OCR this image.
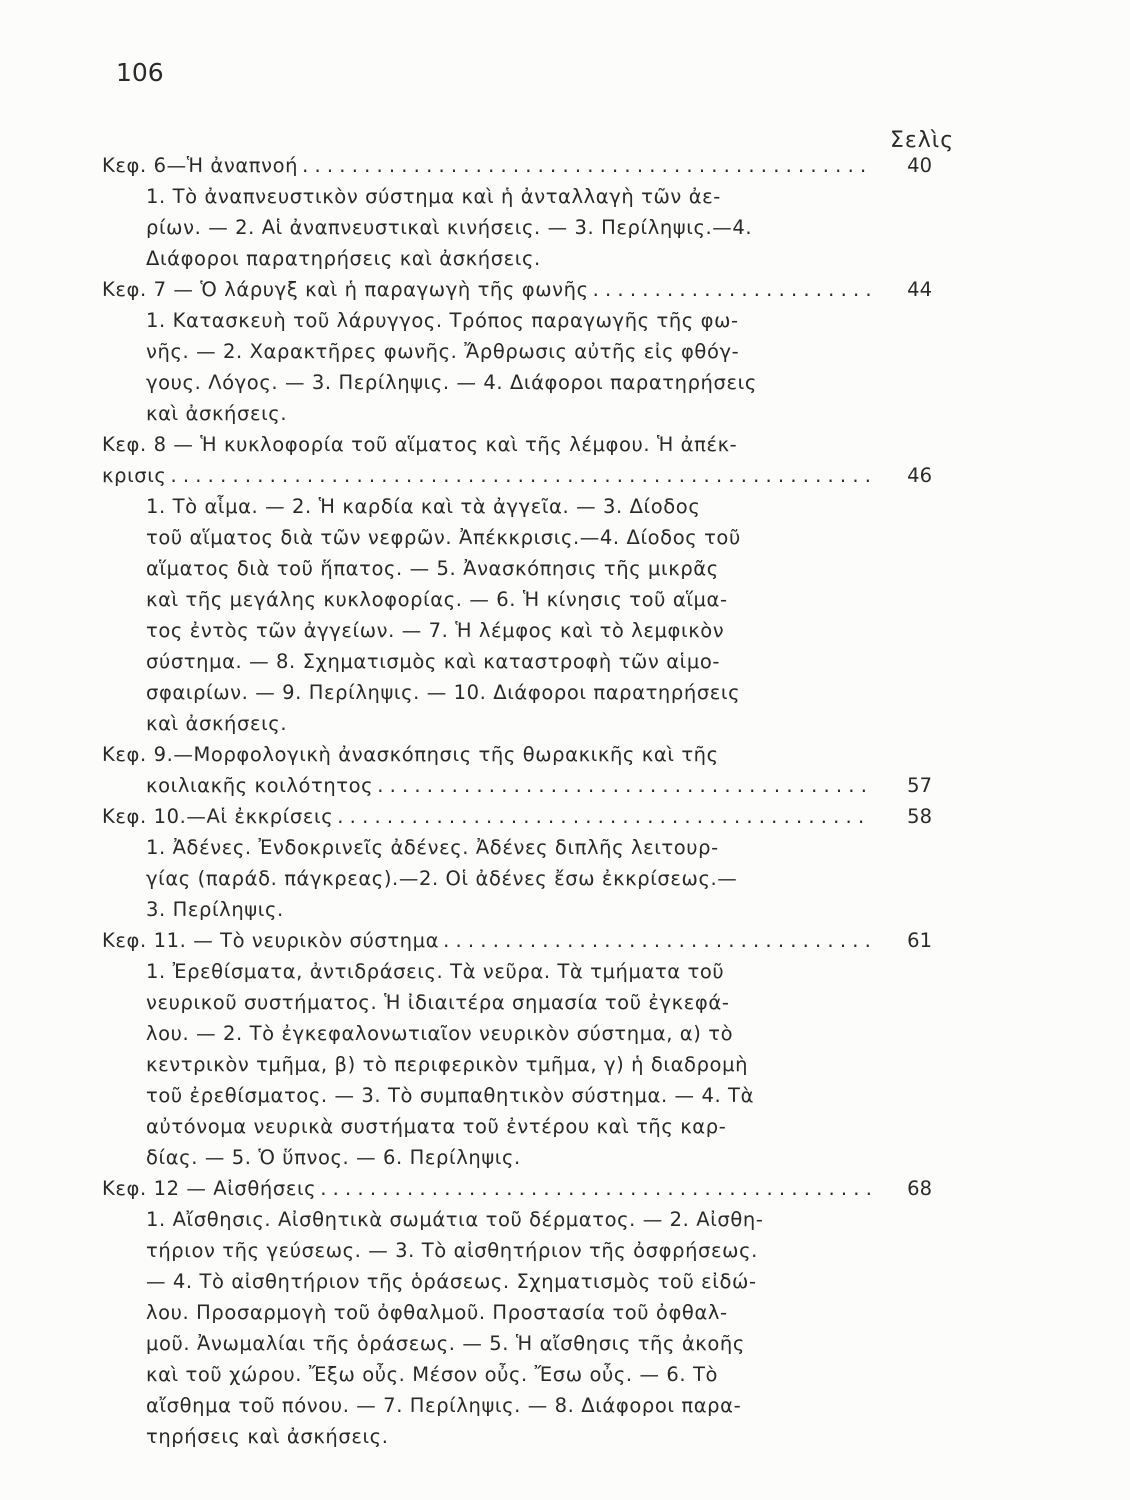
106
Σελὶς
Κεφ. 6—Ἡ ἀναπνοή . . .	40
1. Τὸ ἀναπνευστικὸν σύστημα καὶ ἡ ἀνταλλαγὴ τῶν ἀε-
ρίων. — 2. Αἱ ἀναπνευστικαὶ κινήσεις. — 3. Περίληψις.—4.
Διάφοροι παρατηρήσεις καὶ ἀσκήσεις.
Κεφ. 7 — Ὁ λάρυγξ καὶ ἡ παραγωγὴ τῆς φωνῆς . . .	44
1. Κατασκευὴ τοῦ λάρυγγος. Τρόπος παραγωγῆς τῆς φω-
νῆς. — 2. Χαρακτῆρες φωνῆς. Ἄρθρωσις αὐτῆς εἰς φθόγ-
γους. Λόγος. — 3. Περίληψις. — 4. Διάφοροι παρατηρήσεις
καὶ ἀσκήσεις.
Κεφ. 8 — Ἡ κυκλοφορία τοῦ αἵματος καὶ τῆς λέμφου. Ἡ ἀπέκ-
κρισις . . .	46
1. Τὸ αἷμα. — 2. Ἡ καρδία καὶ τὰ ἀγγεῖα. — 3. Δίοδος
τοῦ αἵματος διὰ τῶν νεφρῶν. Ἀπέκκρισις.—4. Δίοδος τοῦ
αἵματος διὰ τοῦ ἥπατος. — 5. Ἀνασκόπησις τῆς μικρᾶς
καὶ τῆς μεγάλης κυκλοφορίας. — 6. Ἡ κίνησις τοῦ αἵμα-
τος ἐντὸς τῶν ἀγγείων. — 7. Ἡ λέμφος καὶ τὸ λεμφικὸν
σύστημα. — 8. Σχηματισμὸς καὶ καταστροφὴ τῶν αἱμο-
σφαιρίων. — 9. Περίληψις. — 10. Διάφοροι παρατηρήσεις
καὶ ἀσκήσεις.
Κεφ. 9.—Μορφολογικὴ ἀνασκόπησις τῆς θωρακικῆς καὶ τῆς
κοιλιακῆς κοιλότητος . . .	57
Κεφ. 10.—Αἱ ἐκκρίσεις . . .	58
1. Ἀδένες. Ἐνδοκρινεῖς ἀδένες. Ἀδένες διπλῆς λειτουρ-
γίας (παράδ. πάγκρεας).—2. Οἱ ἀδένες ἔσω ἐκκρίσεως.—
3. Περίληψις.
Κεφ. 11. — Τὸ νευρικὸν σύστημα . . .	61
1. Ἐρεθίσματα, ἀντιδράσεις. Τὰ νεῦρα. Τὰ τμήματα τοῦ
νευρικοῦ συστήματος. Ἡ ἰδιαιτέρα σημασία τοῦ ἐγκεφά-
λου. — 2. Τὸ ἐγκεφαλονωτιαῖον νευρικὸν σύστημα, α) τὸ
κεντρικὸν τμῆμα, β) τὸ περιφερικὸν τμῆμα, γ) ἡ διαδρομὴ
τοῦ ἐρεθίσματος. — 3. Τὸ συμπαθητικὸν σύστημα. — 4. Τὰ
αὐτόνομα νευρικὰ συστήματα τοῦ ἐντέρου καὶ τῆς καρ-
δίας. — 5. Ὁ ὕπνος. — 6. Περίληψις.
Κεφ. 12 — Αἰσθήσεις . . .	68
1. Αἴσθησις. Αἰσθητικὰ σωμάτια τοῦ δέρματος. — 2. Αἰσθη-
τήριον τῆς γεύσεως. — 3. Τὸ αἰσθητήριον τῆς ὀσφρήσεως.
— 4. Τὸ αἰσθητήριον τῆς ὁράσεως. Σχηματισμὸς τοῦ εἰδώ-
λου. Προσαρμογὴ τοῦ ὀφθαλμοῦ. Προστασία τοῦ ὀφθαλ-
μοῦ. Ἀνωμαλίαι τῆς ὁράσεως. — 5. Ἡ αἴσθησις τῆς ἀκοῆς
καὶ τοῦ χώρου. Ἔξω οὖς. Μέσον οὖς. Ἔσω οὖς. — 6. Τὸ
αἴσθημα τοῦ πόνου. — 7. Περίληψις. — 8. Διάφοροι παρα-
τηρήσεις καὶ ἀσκήσεις.
